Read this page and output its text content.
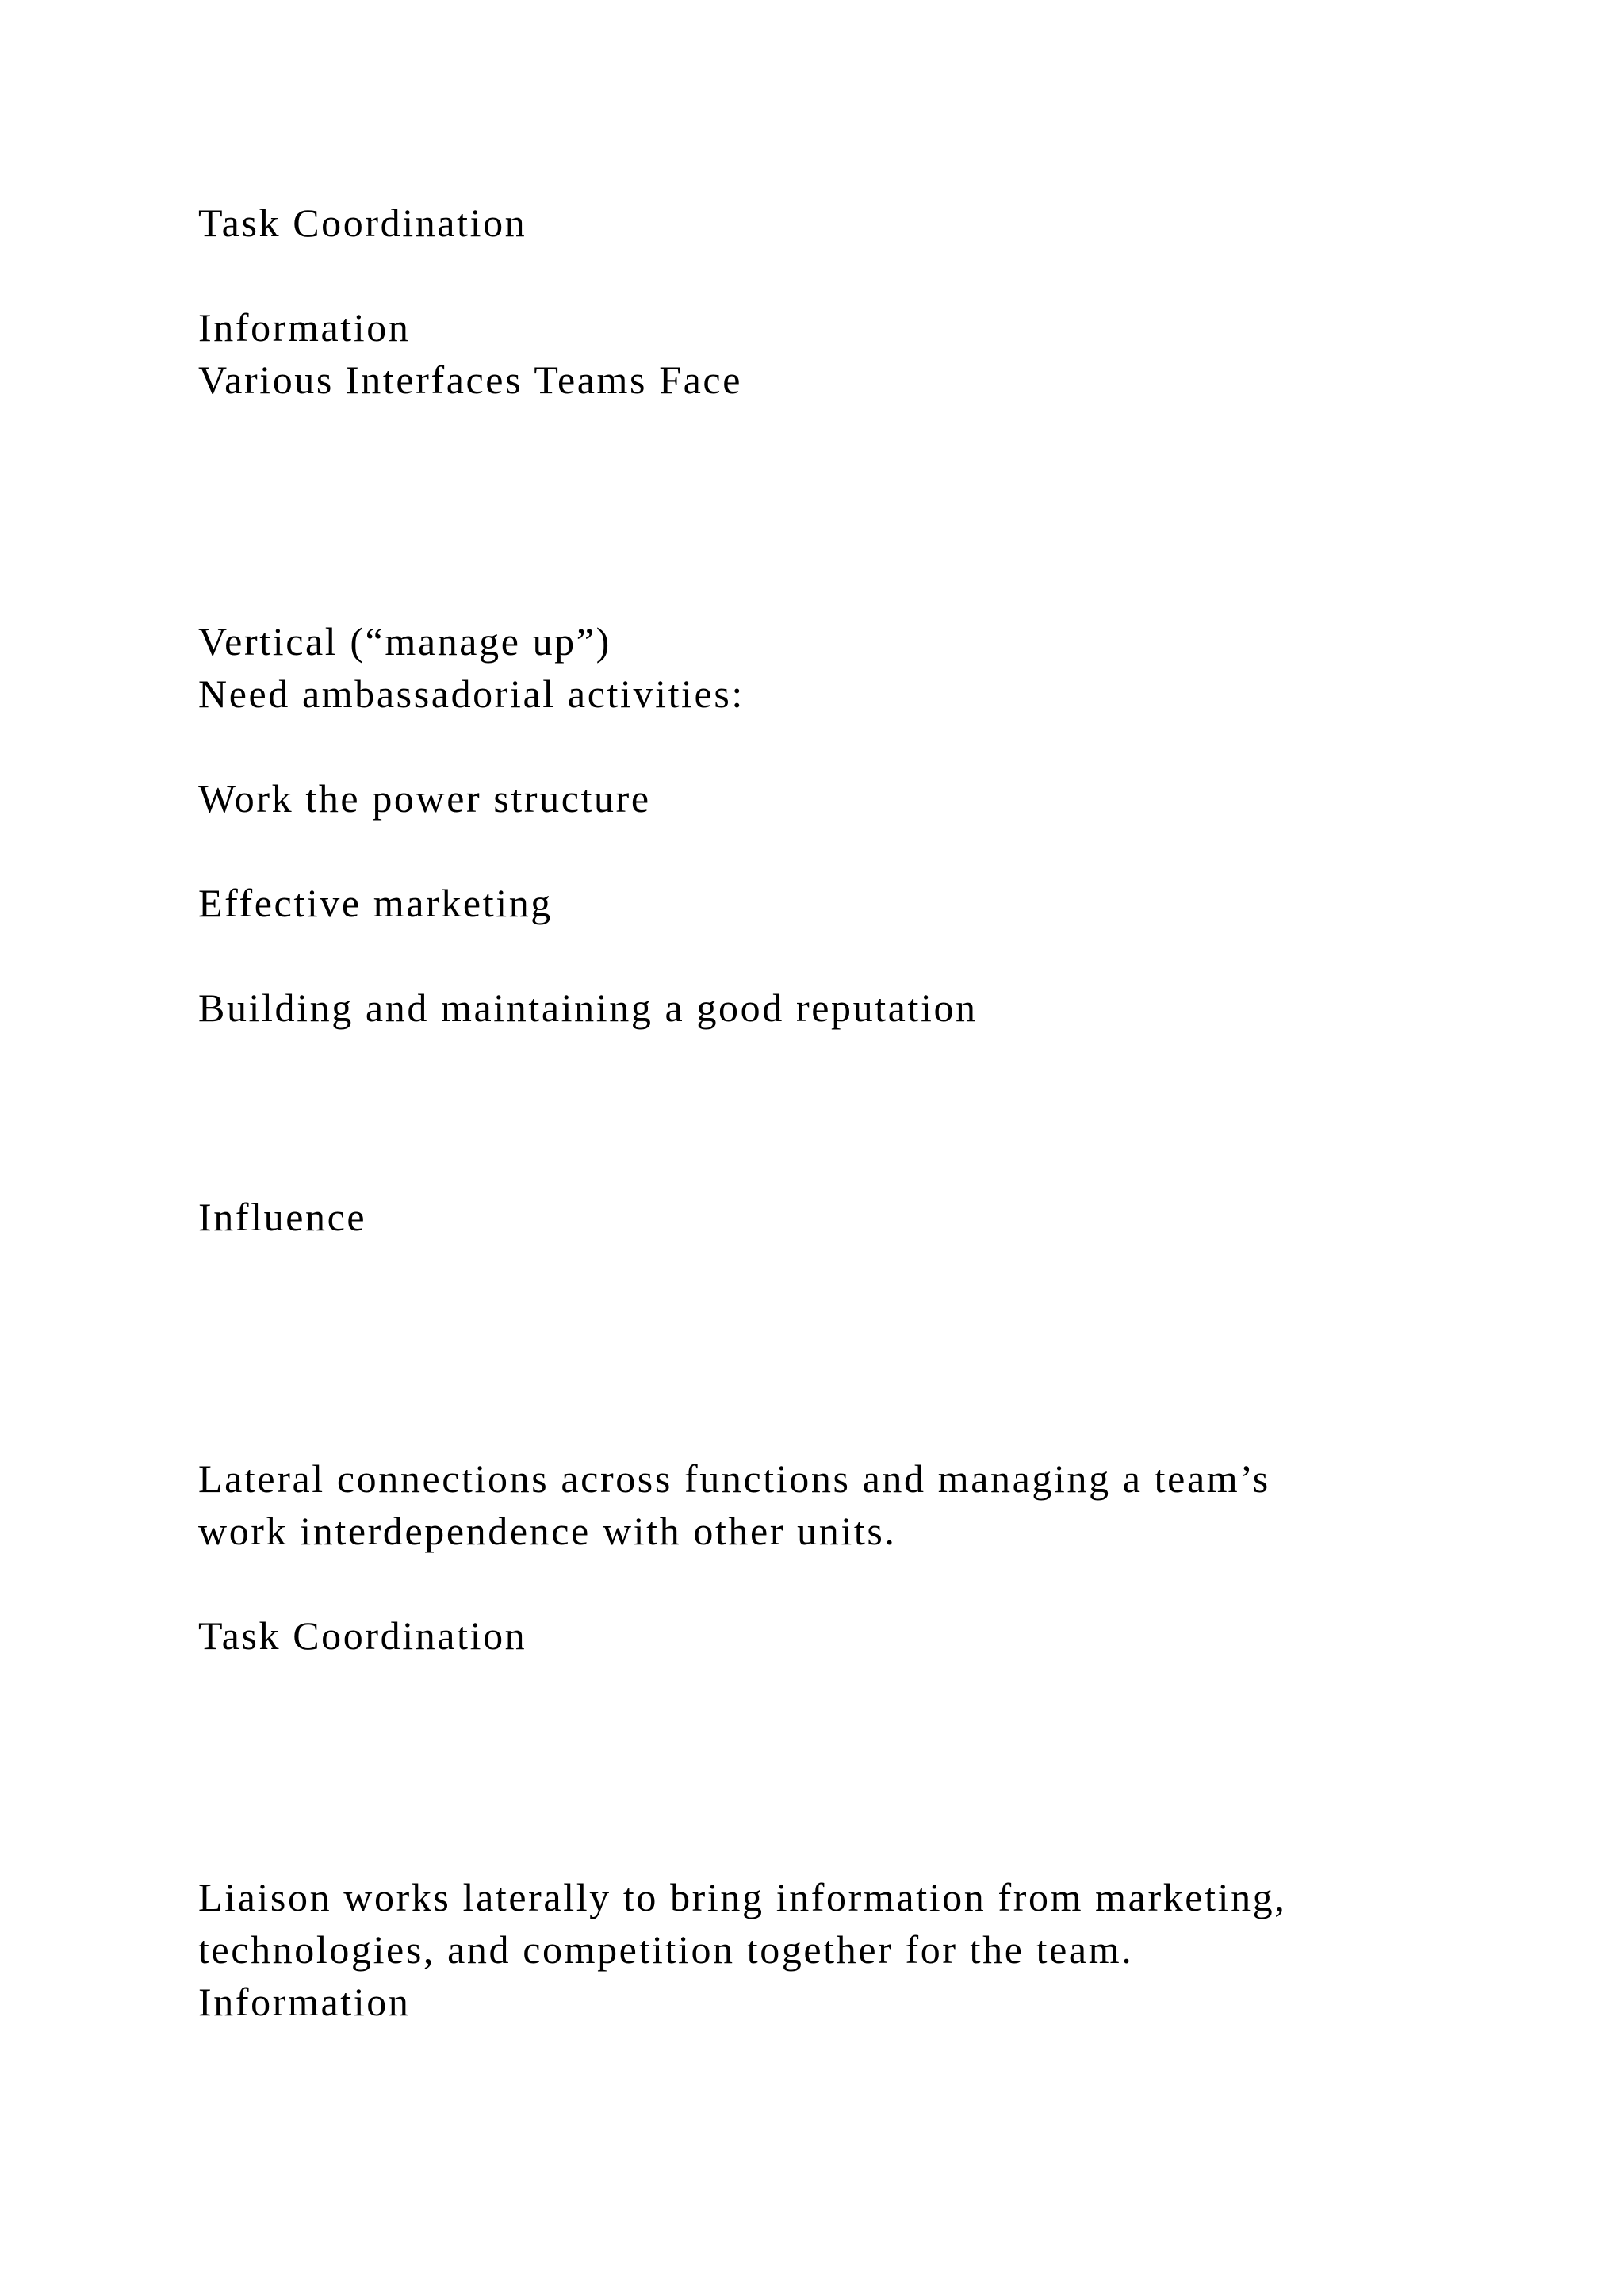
Task Coordination

Information

Various Interfaces Teams Face

Vertical (“manage up”)

Need ambassadorial activities:

Work the power structure

Effective marketing

Building and maintaining a good reputation

Influence

Lateral connections across functions and managing a team’s

work interdependence with other units.

Task Coordination

Liaison works laterally to bring information from marketing,

technologies, and competition together for the team.

Information
